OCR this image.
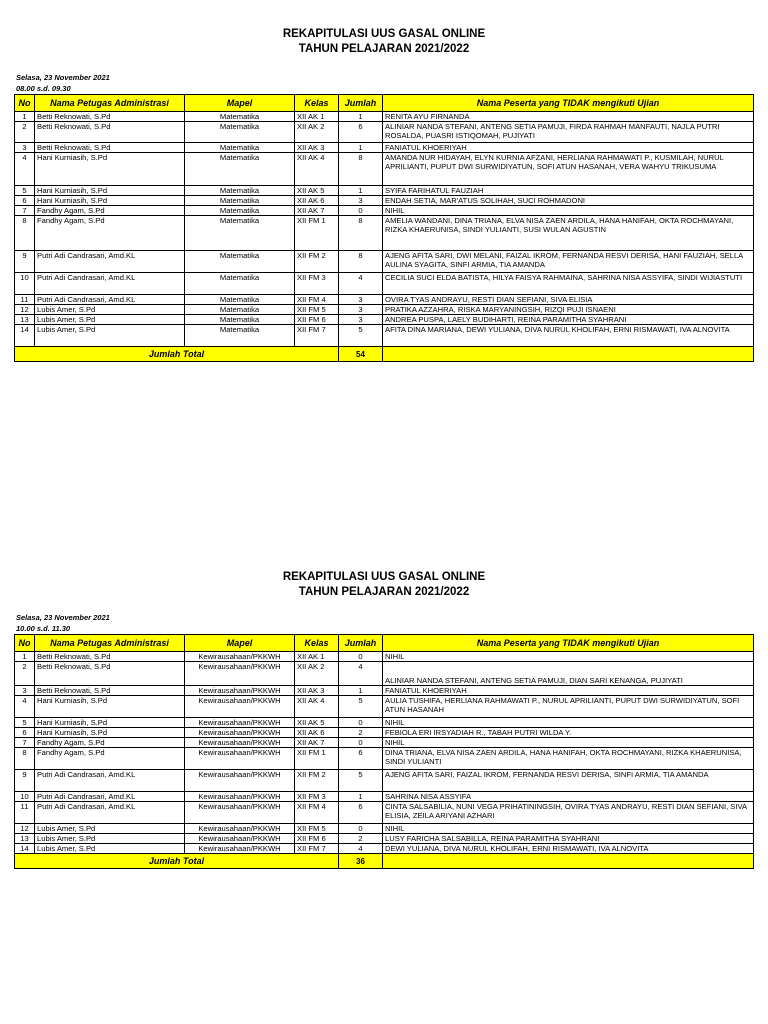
REKAPITULASI UUS GASAL ONLINE
TAHUN PELAJARAN 2021/2022
Selasa, 23 November 2021
08.00 s.d. 09.30
No	Nama Petugas Administrasi	Mapel	Kelas	Jumlah	Nama Peserta yang TIDAK mengikuti Ujian
1	Betti Reknowati, S.Pd	Matematika	XII AK 1	1	RENITA AYU FIRNANDA
2	Betti Reknowati, S.Pd	Matematika	XII AK 2	6	ALINIAR NANDA STEFANI, ANTENG SETIA PAMUJI, FIRDA RAHMAH MANFAUTI, NAJLA PUTRI ROSALDA, PUASRI ISTIQOMAH, PUJIYATI
3	Betti Reknowati, S.Pd	Matematika	XII AK 3	1	FANIATUL KHOERIYAH
4	Hani Kurniasih, S.Pd	Matematika	XII AK 4	8	AMANDA NUR HIDAYAH, ELYN KURNIA AFZANI, HERLIANA RAHMAWATI P., KUSMILAH, NURUL APRILIANTI, PUPUT DWI SURWIDIYATUN, SOFI ATUN HASANAH, VERA WAHYU TRIKUSUMA
5	Hani Kurniasih, S.Pd	Matematika	XII AK 5	1	SYIFA FARIHATUL FAUZIAH
6	Hani Kurniasih, S.Pd	Matematika	XII AK 6	3	ENDAH SETIA, MAR'ATUS SOLIHAH, SUCI ROHMADONI
7	Fandhy Agam, S.Pd	Matematika	XII AK 7	0	NIHIL
8	Fandhy Agam, S.Pd	Matematika	XII FM 1	8	AMELIA WANDANI, DINA TRIANA, ELVA NISA ZAEN ARDILA, HANA HANIFAH, OKTA ROCHMAYANI, RIZKA KHAERUNISA, SINDI YULIANTI, SUSI WULAN AGUSTIN
9	Putri Adi Candrasari, Amd.KL	Matematika	XII FM 2	8	AJENG AFITA SARI, DWI MELANI, FAIZAL IKROM, FERNANDA RESVI DERISA, HANI FAUZIAH, SELLA AULINA SYAGITA, SINFI ARMIA, TIA AMANDA
10	Putri Adi Candrasari, Amd.KL	Matematika	XII FM 3	4	CECILIA SUCI ELDA BATISTA, HILYA FAISYA RAHMAINA, SAHRINA NISA ASSYIFA, SINDI WIJIASTUTI
11	Putri Adi Candrasari, Amd.KL	Matematika	XII FM 4	3	OVIRA TYAS ANDRAYU, RESTI DIAN SEFIANI, SIVA ELISIA
12	Lubis Amer, S.Pd	Matematika	XII FM 5	3	PRATIKA AZZAHRA, RISKA MARYANINGSIH, RIZQI PUJI ISNAENI
13	Lubis Amer, S.Pd	Matematika	XII FM 6	3	ANDREA PUSPA, LAELY BUDIHARTI, REINA PARAMITHA SYAHRANI
14	Lubis Amer, S.Pd	Matematika	XII FM 7	5	AFITA DINA MARIANA, DEWI YULIANA, DIVA NURUL KHOLIFAH, ERNI RISMAWATI, IVA ALNOVITA
Jumlah Total				54	
REKAPITULASI UUS GASAL ONLINE
TAHUN PELAJARAN 2021/2022
Selasa, 23 November 2021
10.00 s.d. 11.30
No	Nama Petugas Administrasi	Mapel	Kelas	Jumlah	Nama Peserta yang TIDAK mengikuti Ujian
1	Betti Reknowati, S.Pd	Kewirausahaan/PKKWH	XII AK 1	0	NIHIL
2	Betti Reknowati, S.Pd	Kewirausahaan/PKKWH	XII AK 2	4	ALINIAR NANDA STEFANI, ANTENG SETIA PAMUJI, DIAN SARI KENANGA, PUJIYATI
3	Betti Reknowati, S.Pd	Kewirausahaan/PKKWH	XII AK 3	1	FANIATUL KHOERIYAH
4	Hani Kurniasih, S.Pd	Kewirausahaan/PKKWH	XII AK 4	5	AULIA TUSHIFA, HERLIANA RAHMAWATI P., NURUL APRILIANTI, PUPUT DWI SURWIDIYATUN, SOFI ATUN HASANAH
5	Hani Kurniasih, S.Pd	Kewirausahaan/PKKWH	XII AK 5	0	NIHIL
6	Hani Kurniasih, S.Pd	Kewirausahaan/PKKWH	XII AK 6	2	FEBIOLA ERI IRSYADIAH R., TABAH PUTRI WILDA Y.
7	Fandhy Agam, S.Pd	Kewirausahaan/PKKWH	XII AK 7	0	NIHIL
8	Fandhy Agam, S.Pd	Kewirausahaan/PKKWH	XII FM 1	6	DINA TRIANA, ELVA NISA ZAEN ARDILA, HANA HANIFAH, OKTA ROCHMAYANI, RIZKA KHAERUNISA, SINDI YULIANTI
9	Putri Adi Candrasari, Amd.KL	Kewirausahaan/PKKWH	XII FM 2	5	AJENG AFITA SARI, FAIZAL IKROM, FERNANDA RESVI DERISA, SINFI ARMIA, TIA AMANDA
10	Putri Adi Candrasari, Amd.KL	Kewirausahaan/PKKWH	XII FM 3	1	SAHRINA NISA ASSYIFA
11	Putri Adi Candrasari, Amd.KL	Kewirausahaan/PKKWH	XII FM 4	6	CINTA SALSABILIA, NUNI VEGA PRIHATININGSIH, OVIRA TYAS ANDRAYU, RESTI DIAN SEFIANI, SIVA ELISIA, ZEILA ARIYANI AZHARI
12	Lubis Amer, S.Pd	Kewirausahaan/PKKWH	XII FM 5	0	NIHIL
13	Lubis Amer, S.Pd	Kewirausahaan/PKKWH	XII FM 6	2	LUSY FARICHA SALSABILLA, REINA PARAMITHA SYAHRANI
14	Lubis Amer, S.Pd	Kewirausahaan/PKKWH	XII FM 7	4	DEWI YULIANA, DIVA NURUL KHOLIFAH, ERNI RISMAWATI, IVA ALNOVITA
Jumlah Total				36	
